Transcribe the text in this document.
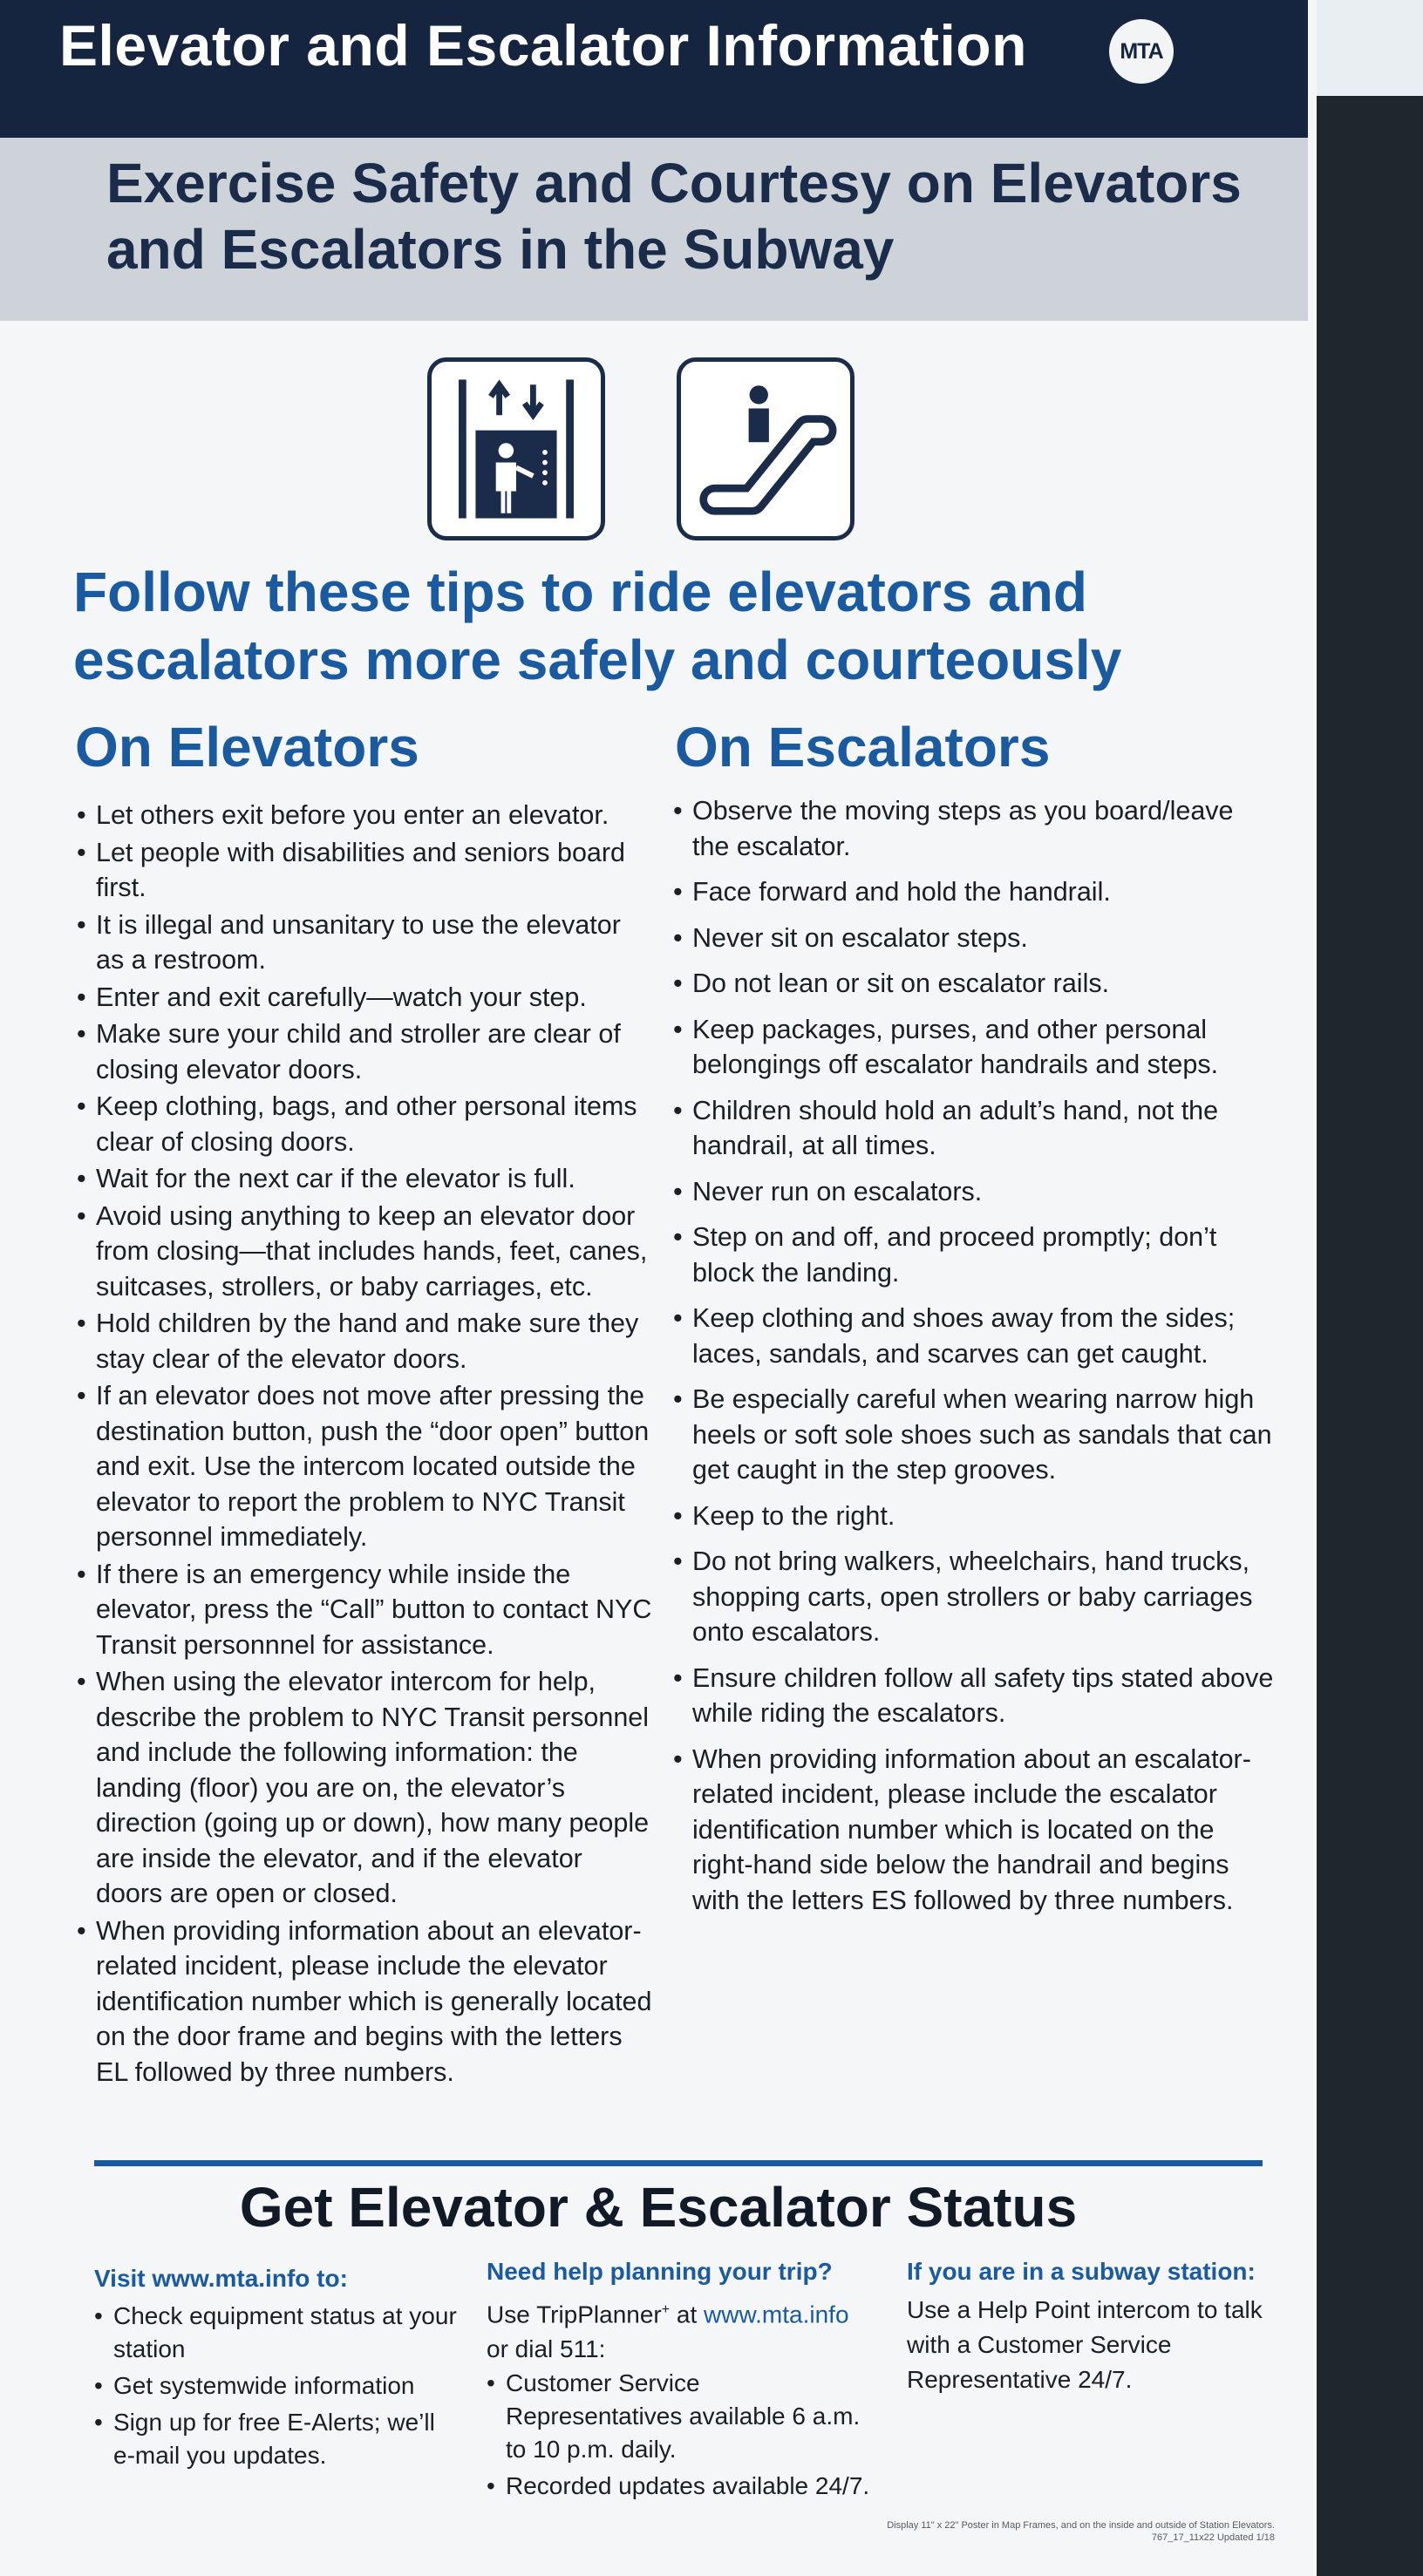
Elevator and Escalator Information	MTA
Exercise Safety and Courtesy on Elevators and Escalators in the Subway
Follow these tips to ride elevators and escalators more safely and courteously
On Elevators	On Escalators
• Let others exit before you enter an elevator.
• Let people with disabilities and seniors board first.
• It is illegal and unsanitary to use the elevator as a restroom.
• Enter and exit carefully—watch your step.
• Make sure your child and stroller are clear of closing elevator doors.
• Keep clothing, bags, and other personal items clear of closing doors.
• Wait for the next car if the elevator is full.
• Avoid using anything to keep an elevator door from closing—that includes hands, feet, canes, suitcases, strollers, or baby carriages, etc.
• Hold children by the hand and make sure they stay clear of the elevator doors.
• If an elevator does not move after pressing the destination button, push the “door open” button and exit. Use the intercom located outside the elevator to report the problem to NYC Transit personnel immediately.
• If there is an emergency while inside the elevator, press the “Call” button to contact NYC Transit personnnel for assistance.
• When using the elevator intercom for help, describe the problem to NYC Transit personnel and include the following information: the landing (floor) you are on, the elevator’s direction (going up or down), how many people are inside the elevator, and if the elevator doors are open or closed.
• When providing information about an elevator-related incident, please include the elevator identification number which is generally located on the door frame and begins with the letters EL followed by three numbers.
• Observe the moving steps as you board/leave the escalator.
• Face forward and hold the handrail.
• Never sit on escalator steps.
• Do not lean or sit on escalator rails.
• Keep packages, purses, and other personal belongings off escalator handrails and steps.
• Children should hold an adult’s hand, not the handrail, at all times.
• Never run on escalators.
• Step on and off, and proceed promptly; don’t block the landing.
• Keep clothing and shoes away from the sides; laces, sandals, and scarves can get caught.
• Be especially careful when wearing narrow high heels or soft sole shoes such as sandals that can get caught in the step grooves.
• Keep to the right.
• Do not bring walkers, wheelchairs, hand trucks, shopping carts, open strollers or baby carriages onto escalators.
• Ensure children follow all safety tips stated above while riding the escalators.
• When providing information about an escalator-related incident, please include the escalator identification number which is located on the right-hand side below the handrail and begins with the letters ES followed by three numbers.
Get Elevator & Escalator Status
Visit www.mta.info to:
• Check equipment status at your station
• Get systemwide information
• Sign up for free E-Alerts; we’ll e-mail you updates.
Need help planning your trip?
Use TripPlanner+ at www.mta.info
or dial 511:
• Customer Service Representatives available 6 a.m. to 10 p.m. daily.
• Recorded updates available 24/7.
If you are in a subway station:
Use a Help Point intercom to talk with a Customer Service Representative 24/7.
Display 11" x 22" Poster in Map Frames, and on the inside and outside of Station Elevators.
767_17_11x22 Updated 1/18
